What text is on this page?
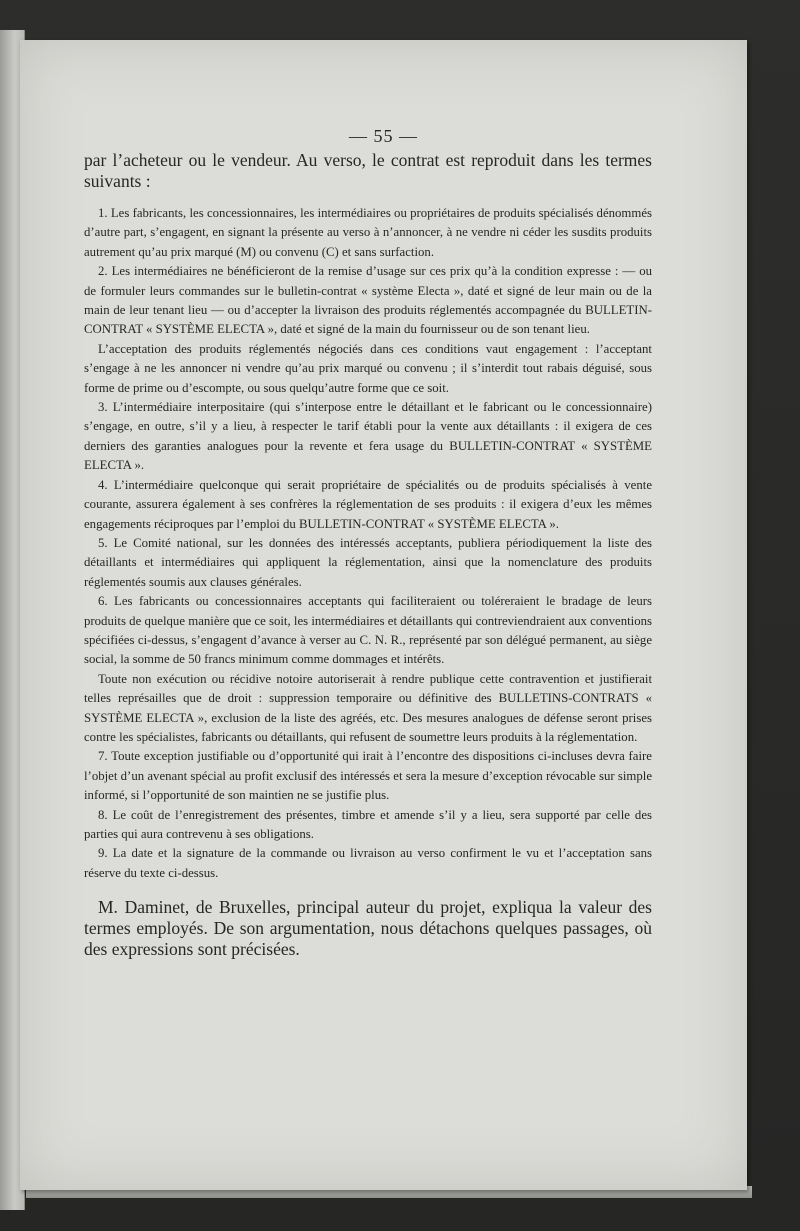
— 55 —

par l’acheteur ou le vendeur. Au verso, le contrat est reproduit dans les termes suivants :

1. Les fabricants, les concessionnaires, les intermédiaires ou propriétaires de produits spécialisés dénommés d’autre part, s’engagent, en signant la présente au verso à n’annoncer, à ne vendre ni céder les susdits produits autrement qu’au prix marqué (M) ou convenu (C) et sans surfaction.

2. Les intermédiaires ne bénéficieront de la remise d’usage sur ces prix qu’à la condition expresse : — ou de formuler leurs commandes sur le bulletin-contrat « système Electa », daté et signé de leur main ou de la main de leur tenant lieu — ou d’accepter la livraison des produits réglementés accompagnée du BULLETIN-CONTRAT « SYSTÈME ELECTA », daté et signé de la main du fournisseur ou de son tenant lieu.

L’acceptation des produits réglementés négociés dans ces conditions vaut engagement : l’acceptant s’engage à ne les annoncer ni vendre qu’au prix marqué ou convenu ; il s’interdit tout rabais déguisé, sous forme de prime ou d’escompte, ou sous quelqu’autre forme que ce soit.

3. L’intermédiaire interpositaire (qui s’interpose entre le détaillant et le fabricant ou le concessionnaire) s’engage, en outre, s’il y a lieu, à respecter le tarif établi pour la vente aux détaillants : il exigera de ces derniers des garanties analogues pour la revente et fera usage du BULLETIN-CONTRAT « SYSTÈME ELECTA ».

4. L’intermédiaire quelconque qui serait propriétaire de spécialités ou de produits spécialisés à vente courante, assurera également à ses confrères la réglementation de ses produits : il exigera d’eux les mêmes engagements réciproques par l’emploi du BULLETIN-CONTRAT « SYSTÈME ELECTA ».

5. Le Comité national, sur les données des intéressés acceptants, publiera périodiquement la liste des détaillants et intermédiaires qui appliquent la réglementation, ainsi que la nomenclature des produits réglementés soumis aux clauses générales.

6. Les fabricants ou concessionnaires acceptants qui faciliteraient ou toléreraient le bradage de leurs produits de quelque manière que ce soit, les intermédiaires et détaillants qui contreviendraient aux conventions spécifiées ci-dessus, s’engagent d’avance à verser au C. N. R., représenté par son délégué permanent, au siège social, la somme de 50 francs minimum comme dommages et intérêts.

Toute non exécution ou récidive notoire autoriserait à rendre publique cette contravention et justifierait telles représailles que de droit : suppression temporaire ou définitive des BULLETINS-CONTRATS « SYSTÈME ELECTA », exclusion de la liste des agréés, etc. Des mesures analogues de défense seront prises contre les spécialistes, fabricants ou détaillants, qui refusent de soumettre leurs produits à la réglementation.

7. Toute exception justifiable ou d’opportunité qui irait à l’encontre des dispositions ci-incluses devra faire l’objet d’un avenant spécial au profit exclusif des intéressés et sera la mesure d’exception révocable sur simple informé, si l’opportunité de son maintien ne se justifie plus.

8. Le coût de l’enregistrement des présentes, timbre et amende s’il y a lieu, sera supporté par celle des parties qui aura contrevenu à ses obligations.

9. La date et la signature de la commande ou livraison au verso confirment le vu et l’acceptation sans réserve du texte ci-dessus.

M. Daminet, de Bruxelles, principal auteur du projet, expliqua la valeur des termes employés. De son argumentation, nous détachons quelques passages, où des expressions sont précisées.
